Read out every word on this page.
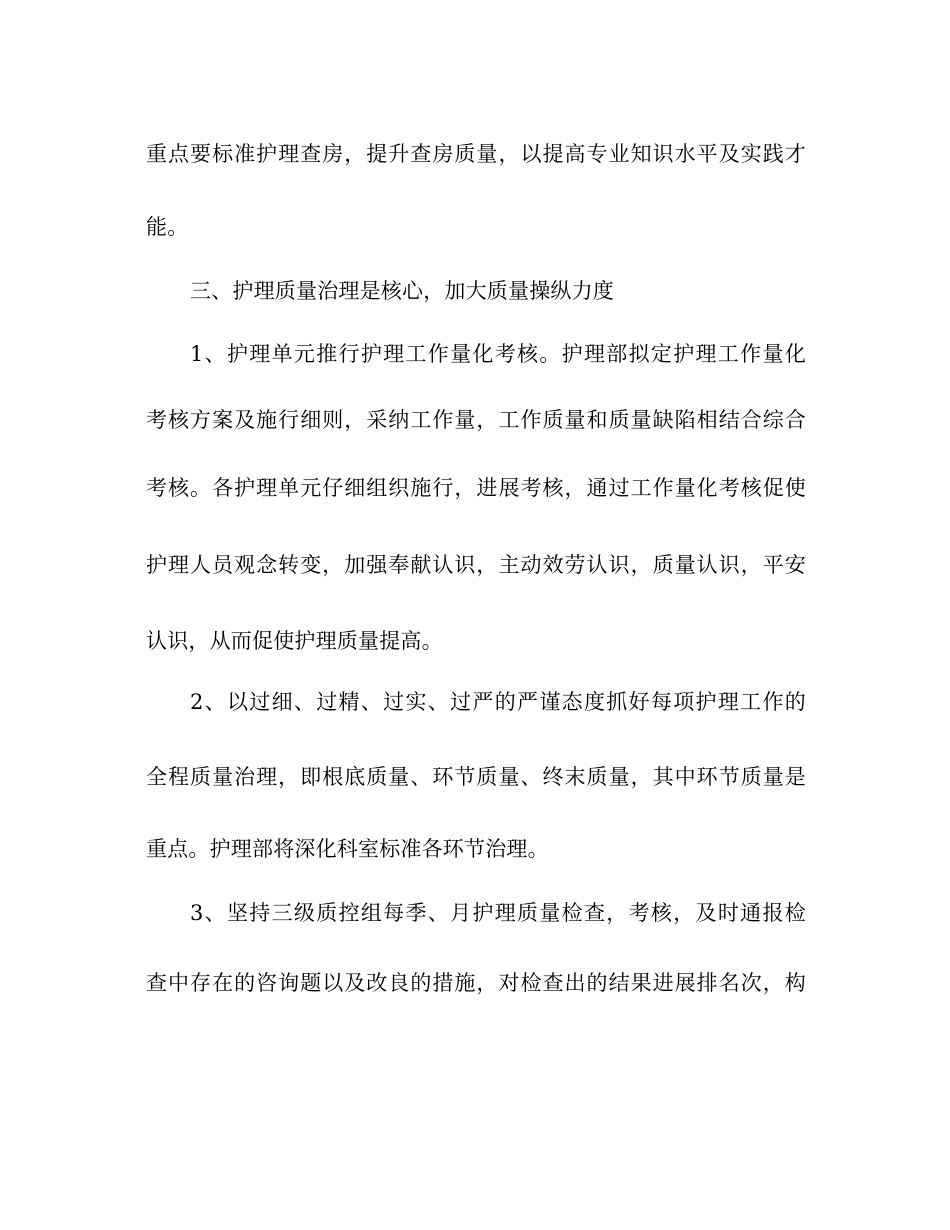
重点要标准护理查房，提升查房质量，以提高专业知识水平及实践才
能。
三、护理质量治理是核心，加大质量操纵力度
1、护理单元推行护理工作量化考核。护理部拟定护理工作量化
考核方案及施行细则，采纳工作量，工作质量和质量缺陷相结合综合
考核。各护理单元仔细组织施行，进展考核，通过工作量化考核促使
护理人员观念转变，加强奉献认识，主动效劳认识，质量认识，平安
认识，从而促使护理质量提高。
2、以过细、过精、过实、过严的严谨态度抓好每项护理工作的
全程质量治理，即根底质量、环节质量、终末质量，其中环节质量是
重点。护理部将深化科室标准各环节治理。
3、坚持三级质控组每季、月护理质量检查，考核，及时通报检
查中存在的咨询题以及改良的措施，对检查出的结果进展排名次，构
